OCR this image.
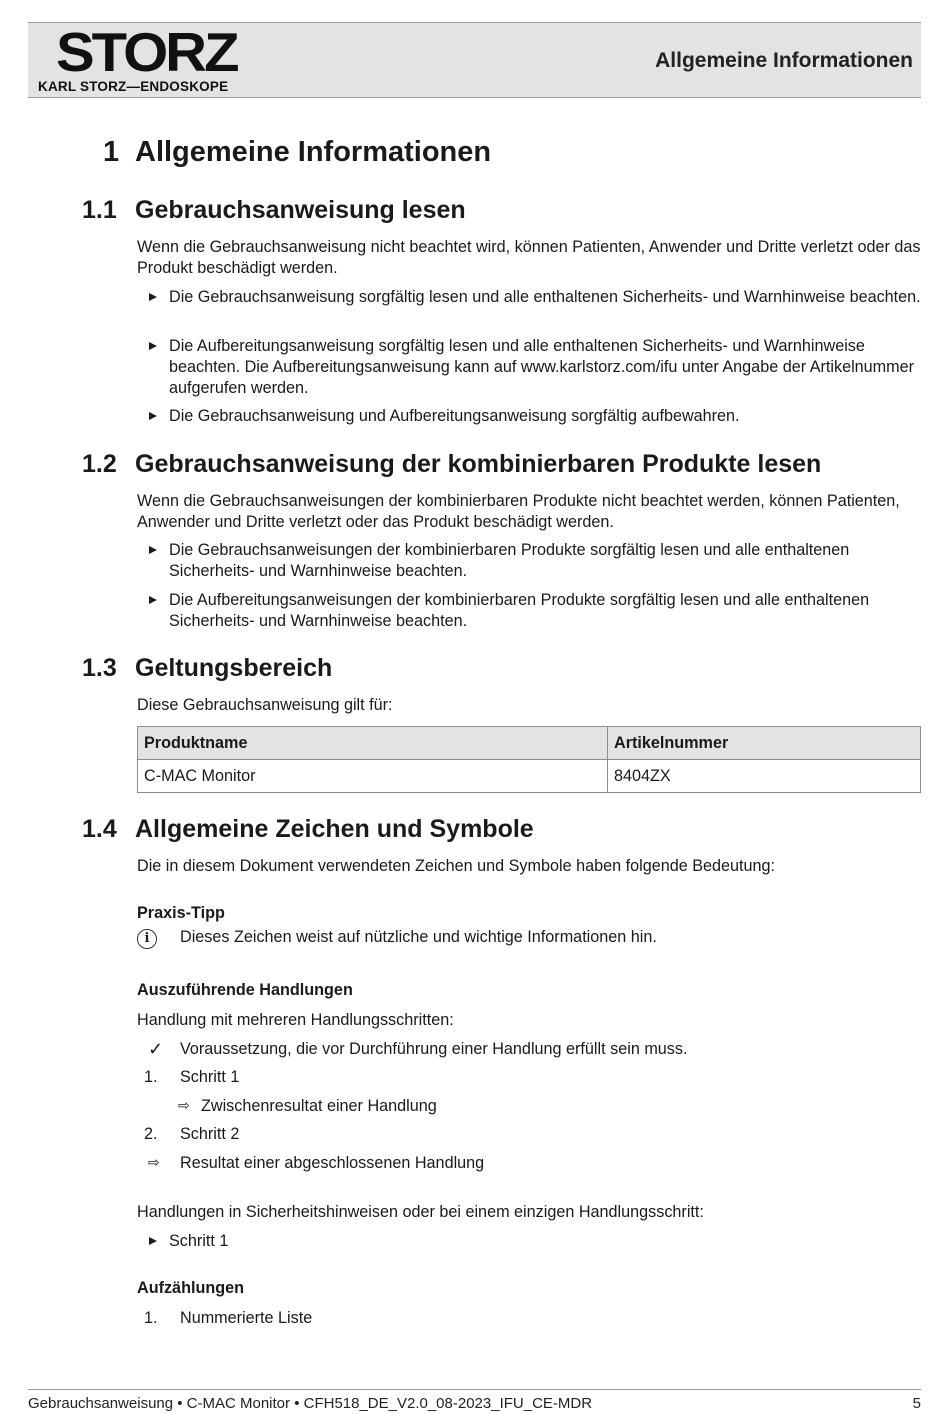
STORZ
KARL STORZ—ENDOSKOPE
Allgemeine Informationen
1 Allgemeine Informationen
1.1 Gebrauchsanweisung lesen
Wenn die Gebrauchsanweisung nicht beachtet wird, können Patienten, Anwender und Dritte verletzt oder das Produkt beschädigt werden.
Die Gebrauchsanweisung sorgfältig lesen und alle enthaltenen Sicherheits- und Warnhinweise beachten.
Die Aufbereitungsanweisung sorgfältig lesen und alle enthaltenen Sicherheits- und Warnhinweise beachten. Die Aufbereitungsanweisung kann auf www.karlstorz.com/ifu unter Angabe der Artikelnummer aufgerufen werden.
Die Gebrauchsanweisung und Aufbereitungsanweisung sorgfältig aufbewahren.
1.2 Gebrauchsanweisung der kombinierbaren Produkte lesen
Wenn die Gebrauchsanweisungen der kombinierbaren Produkte nicht beachtet werden, können Patienten, Anwender und Dritte verletzt oder das Produkt beschädigt werden.
Die Gebrauchsanweisungen der kombinierbaren Produkte sorgfältig lesen und alle enthaltenen Sicherheits- und Warnhinweise beachten.
Die Aufbereitungsanweisungen der kombinierbaren Produkte sorgfältig lesen und alle enthaltenen Sicherheits- und Warnhinweise beachten.
1.3 Geltungsbereich
Diese Gebrauchsanweisung gilt für:
Produktname	Artikelnummer
C-MAC Monitor	8404ZX
1.4 Allgemeine Zeichen und Symbole
Die in diesem Dokument verwendeten Zeichen und Symbole haben folgende Bedeutung:
Praxis-Tipp
i	Dieses Zeichen weist auf nützliche und wichtige Informationen hin.
Auszuführende Handlungen
Handlung mit mehreren Handlungsschritten:
✓ Voraussetzung, die vor Durchführung einer Handlung erfüllt sein muss.
1. Schritt 1
⇨ Zwischenresultat einer Handlung
2. Schritt 2
⇨ Resultat einer abgeschlossenen Handlung
Handlungen in Sicherheitshinweisen oder bei einem einzigen Handlungsschritt:
Schritt 1
Aufzählungen
1. Nummerierte Liste
Gebrauchsanweisung • C-MAC Monitor • CFH518_DE_V2.0_08-2023_IFU_CE-MDR	5
